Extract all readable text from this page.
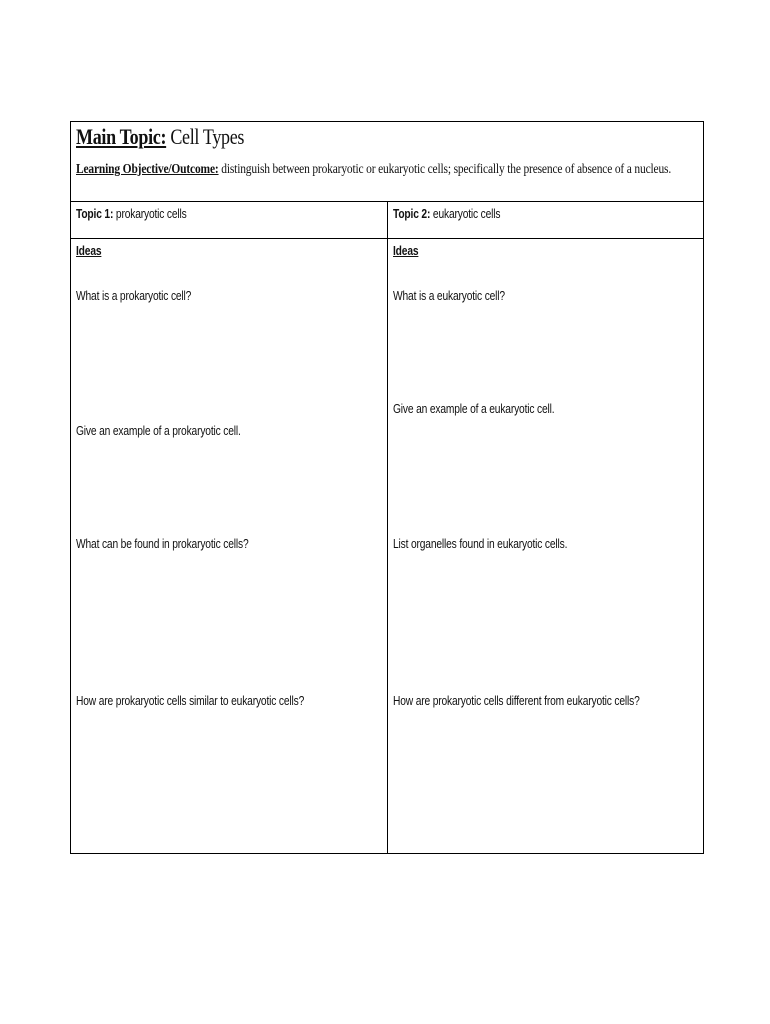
Main Topic: Cell Types
Learning Objective/Outcome: distinguish between prokaryotic or eukaryotic cells; specifically the presence of absence of a nucleus.
Topic 1: prokaryotic cells
Ideas
What is a prokaryotic cell?
Give an example of a prokaryotic cell.
What can be found in prokaryotic cells?
How are prokaryotic cells similar to eukaryotic cells?
Topic 2: eukaryotic cells
Ideas
What is a eukaryotic cell?
Give an example of a eukaryotic cell.
List organelles found in eukaryotic cells.
How are prokaryotic cells different from eukaryotic cells?
